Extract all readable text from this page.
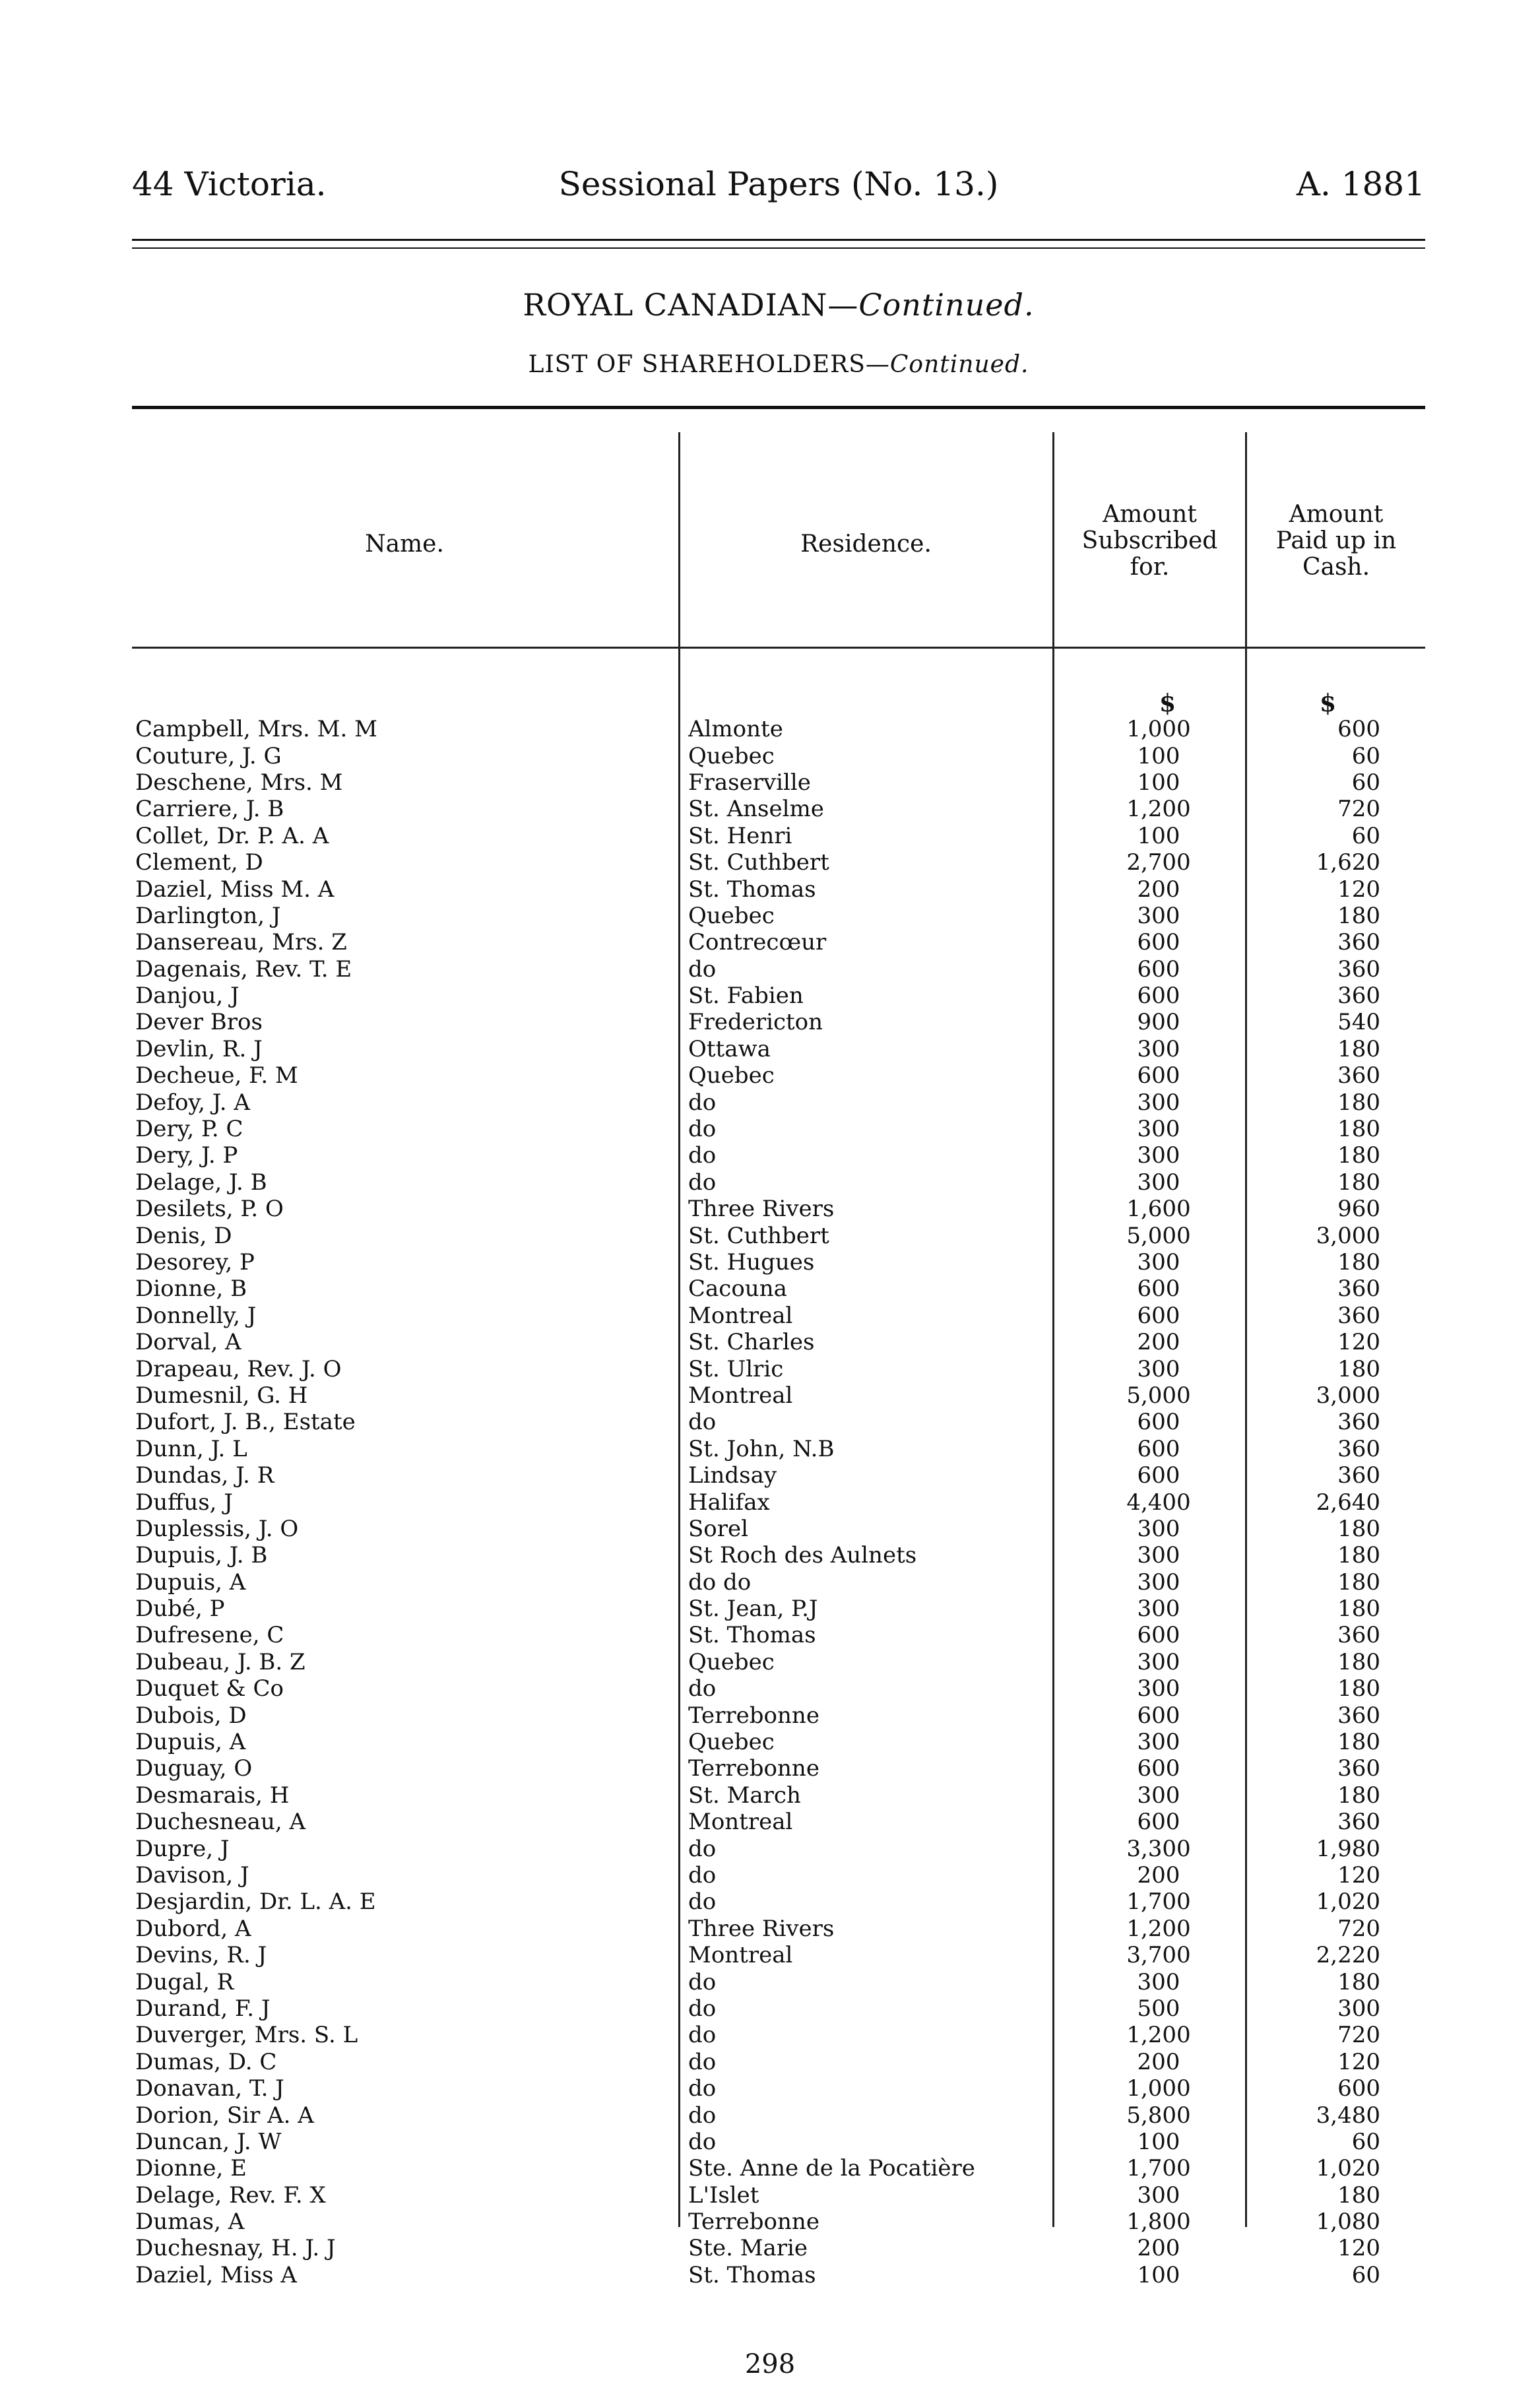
44 Victoria.	Sessional Papers (No. 13.)	A. 1881
ROYAL CANADIAN—Continued.
LIST OF SHAREHOLDERS—Continued.
Name.	Residence.
Amount
Subscribed
for.
Amount
Paid up in
Cash.
$	$
Campbell, Mrs. M. M	Almonte	1,000	600
Couture, J. G	Quebec	100	60
Deschene, Mrs. M	Fraserville	100	60
Carriere, J. B	St. Anselme	1,200	720
Collet, Dr. P. A. A	St. Henri	100	60
Clement, D	St. Cuthbert	2,700	1,620
Daziel, Miss M. A	St. Thomas	200	120
Darlington, J	Quebec	300	180
Dansereau, Mrs. Z	Contrecœur	600	360
Dagenais, Rev. T. E	do	600	360
Danjou, J	St. Fabien	600	360
Dever Bros	Fredericton	900	540
Devlin, R. J	Ottawa	300	180
Decheue, F. M	Quebec	600	360
Defoy, J. A	do	300	180
Dery, P. C	do	300	180
Dery, J. P	do	300	180
Delage, J. B	do	300	180
Desilets, P. O	Three Rivers	1,600	960
Denis, D	St. Cuthbert	5,000	3,000
Desorey, P	St. Hugues	300	180
Dionne, B	Cacouna	600	360
Donnelly, J	Montreal	600	360
Dorval, A	St. Charles	200	120
Drapeau, Rev. J. O	St. Ulric	300	180
Dumesnil, G. H	Montreal	5,000	3,000
Dufort, J. B., Estate	do	600	360
Dunn, J. L	St. John, N.B	600	360
Dundas, J. R	Lindsay	600	360
Duffus, J	Halifax	4,400	2,640
Duplessis, J. O	Sorel	300	180
Dupuis, J. B	St Roch des Aulnets	300	180
Dupuis, A	do do	300	180
Dubé, P	St. Jean, P.J	300	180
Dufresene, C	St. Thomas	600	360
Dubeau, J. B. Z	Quebec	300	180
Duquet & Co	do	300	180
Dubois, D	Terrebonne	600	360
Dupuis, A	Quebec	300	180
Duguay, O	Terrebonne	600	360
Desmarais, H	St. March	300	180
Duchesneau, A	Montreal	600	360
Dupre, J	do	3,300	1,980
Davison, J	do	200	120
Desjardin, Dr. L. A. E	do	1,700	1,020
Dubord, A	Three Rivers	1,200	720
Devins, R. J	Montreal	3,700	2,220
Dugal, R	do	300	180
Durand, F. J	do	500	300
Duverger, Mrs. S. L	do	1,200	720
Dumas, D. C	do	200	120
Donavan, T. J	do	1,000	600
Dorion, Sir A. A	do	5,800	3,480
Duncan, J. W	do	100	60
Dionne, E	Ste. Anne de la Pocatière	1,700	1,020
Delage, Rev. F. X	L'Islet	300	180
Dumas, A	Terrebonne	1,800	1,080
Duchesnay, H. J. J	Ste. Marie	200	120
Daziel, Miss A	St. Thomas	100	60
298
